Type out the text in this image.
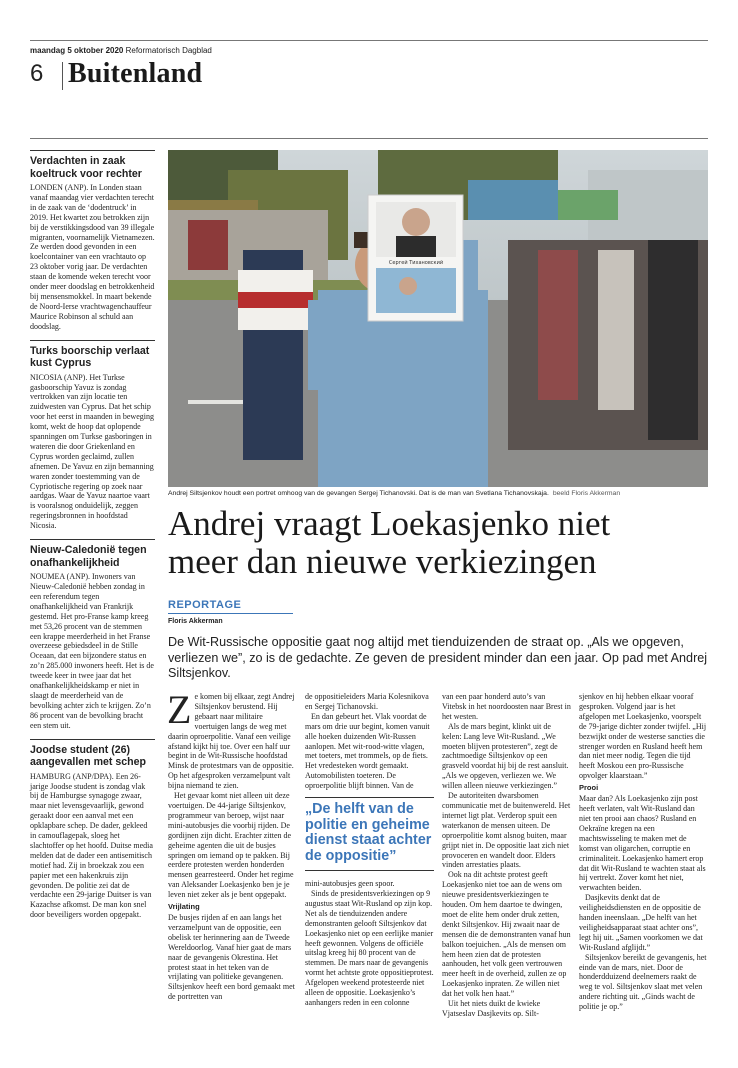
maandag 5 oktober 2020 Reformatorisch Dagblad
6 Buitenland
Verdachten in zaak koeltruck voor rechter

LONDEN (ANP). In Londen staan vanaf maandag vier verdachten terecht in de zaak van de ‘dodentruck’ in 2019. Het kwartet zou betrokken zijn bij de verstikkingsdood van 39 illegale migranten, voornamelijk Vietnamezen. Ze werden dood gevonden in een koelcontainer van een vrachtauto op 23 oktober vorig jaar. De verdachten staan de komende weken terecht voor onder meer doodslag en betrokkenheid bij mensensmokkel. In maart bekende de Noord-Ierse vrachtwagenchauffeur Maurice Robinson al schuld aan doodslag.

Turks boorschip verlaat kust Cyprus

NICOSIA (ANP). Het Turkse gasboorschip Yavuz is zondag vertrokken van zijn locatie ten zuidwesten van Cyprus. Dat het schip voor het eerst in maanden in beweging komt, wekt de hoop dat oplopende spanningen om Turkse gasboringen in wateren die door Griekenland en Cyprus worden geclaimd, zullen afnemen. De Yavuz en zijn bemanning waren zonder toestemming van de Cypriotische regering op zoek naar aardgas. Waar de Yavuz naartoe vaart is vooralsnog onduidelijk, zeggen regeringsbronnen in hoofdstad Nicosia.

Nieuw-Caledonië tegen onafhankelijkheid

NOUMEA (ANP). Inwoners van Nieuw-Caledonië hebben zondag in een referendum tegen onafhankelijkheid van Frankrijk gestemd. Het pro-Franse kamp kreeg met 53,26 procent van de stemmen een krappe meerderheid in het Franse overzeese gebiedsdeel in de Stille Oceaan, dat een bijzondere status en zo’n 285.000 inwoners heeft. Het is de tweede keer in twee jaar dat het onafhankelijkheidskamp er niet in slaagt de meerderheid van de bevolking achter zich te krijgen. Zo’n 86 procent van de bevolking bracht een stem uit.

Joodse student (26) aangevallen met schep

HAMBURG (ANP/DPA). Een 26-jarige Joodse student is zondag vlak bij de Hamburgse synagoge zwaar, maar niet levensgevaarlijk, gewond geraakt door een aanval met een opklapbare schep. De dader, gekleed in camouflagepak, sloeg het slachtoffer op het hoofd. Duitse media melden dat de dader een antisemitisch motief had. Zij in broekzak zou een papier met een hakenkruis zijn gevonden. De politie zei dat de verdachte een 29-jarige Duitser is van Kazachse afkomst. De man kon snel door beveiligers worden opgepakt.

Сергей Тихановский
Andrej Siltsjenkov houdt een portret omhoog van de gevangen Sergej Tichanovski. Dat is de man van Svetlana Tichanovskaja. beeld Floris Akkerman
Andrej vraagt Loekasjenko niet
meer dan nieuwe verkiezingen
REPORTAGE
Floris Akkerman
De Wit-Russische oppositie gaat nog altijd met tienduizenden de straat op. „Als we opgeven, verliezen we”, zo is de gedachte. Ze geven de president minder dan een jaar. Op pad met Andrej Siltsjenkov.

Ze komen bij elkaar, zegt Andrej Siltsjenkov berustend. Hij gebaart naar militaire voertuigen langs de weg met daarin oproerpolitie. Vanaf een veilige afstand kijkt hij toe. Over een half uur begint in de Wit-Russische hoofdstad Minsk de protestmars van de oppositie. Op het afgesproken verzamelpunt valt bijna niemand te zien.

Het gevaar komt niet alleen uit deze voertuigen. De 44-jarige Siltsjenkov, programmeur van beroep, wijst naar mini-autobusjes die voorbij rijden. De gordijnen zijn dicht. Erachter zitten de geheime agenten die uit de busjes springen om iemand op te pakken. Bij eerdere protesten werden honderden mensen gearresteerd. Onder het regime van Aleksander Loekasjenko ben je je leven niet zeker als je bent opgepakt.

Vrijlating

De busjes rijden af en aan langs het verzamelpunt van de oppositie, een obelisk ter herinnering aan de Tweede Wereldoorlog. Vanaf hier gaat de mars naar de gevangenis Okrestina. Het protest staat in het teken van de vrijlating van politieke gevangenen. Siltsjenkov heeft een bord gemaakt met de portretten van

de oppositieleiders Maria Kolesnikova en Sergej Tichanovski.

En dan gebeurt het. Vlak voordat de mars om drie uur begint, komen vanuit alle hoeken duizenden Wit-Russen aanlopen. Met wit-rood-witte vlagen, met toeters, met trommels, op de fiets. Het vredesteken wordt gemaakt. Automobilisten toeteren. De oproerpolitie blijft binnen. Van de

„De helft van de politie en geheime dienst staat achter de oppositie”

mini-autobusjes geen spoor.

Sinds de presidentsverkiezingen op 9 augustus staat Wit-Rusland op zijn kop. Net als de tienduizenden andere demonstranten gelooft Siltsjenkov dat Loekasjenko niet op een eerlijke manier heeft gewonnen. Volgens de officiële uitslag kreeg hij 80 procent van de stemmen. De mars naar de gevangenis vormt het achtste grote oppositieprotest. Afgelopen weekend protesteerde niet alleen de oppositie. Loekasjenko’s aanhangers reden in een colonne

van een paar honderd auto’s van Vitebsk in het noordoosten naar Brest in het westen.

Als de mars begint, klinkt uit de kelen: Lang leve Wit-Rusland. „We moeten blijven protesteren”, zegt de zachtmoedige Siltsjenkov op een grasveld voordat hij bij de rest aansluit. „Als we opgeven, verliezen we. We willen alleen nieuwe verkiezingen.”

De autoriteiten dwarsbomen communicatie met de buitenwereld. Het internet ligt plat. Verderop spuit een waterkanon de mensen uiteen. De oproerpolitie komt alsnog buiten, maar grijpt niet in. De oppositie laat zich niet provoceren en wandelt door. Elders vinden arrestaties plaats.

Ook na dit achtste protest geeft Loekasjenko niet toe aan de wens om nieuwe presidentsverkiezingen te houden. Om hem daartoe te dwingen, moet de elite hem onder druk zetten, denkt Siltsjenkov. Hij zwaait naar de mensen die de demonstranten vanaf hun balkon toejuichen. „Als de mensen om hem heen zien dat de protesten aanhouden, het volk geen vertrouwen meer heeft in de overheid, zullen ze op Loekasjenko inpraten. Ze willen niet dat het volk hen haat.”

Uit het niets duikt de kwieke Vjatseslav Dasjkevits op. Silt-

sjenkov en hij hebben elkaar vooraf gesproken. Volgend jaar is het afgelopen met Loekasjenko, voorspelt de 79-jarige dichter zonder twijfel. „Hij bezwijkt onder de westerse sancties die strenger worden en Rusland heeft hem dan niet meer nodig. Tegen die tijd heeft Moskou een pro-Russische opvolger klaarstaan.”

Prooi

Maar dan? Als Loekasjenko zijn post heeft verlaten, valt Wit-Rusland dan niet ten prooi aan chaos? Rusland en Oekraïne kregen na een machtswisseling te maken met de komst van oligarchen, corruptie en criminaliteit. Loekasjenko hamert erop dat dit Wit-Rusland te wachten staat als hij vertrekt. Zover komt het niet, verwachten beiden.

Dasjkevits denkt dat de veiligheidsdiensten en de oppositie de handen ineenslaan. „De helft van het veiligheidsapparaat staat achter ons”, legt hij uit. „Samen voorkomen we dat Wit-Rusland afglijdt.”

Siltsjenkov bereikt de gevangenis, het einde van de mars, niet. Door de honderdduizend deelnemers raakt de weg te vol. Siltsjenkov slaat met velen andere richting uit. „Ginds wacht de politie je op.”
